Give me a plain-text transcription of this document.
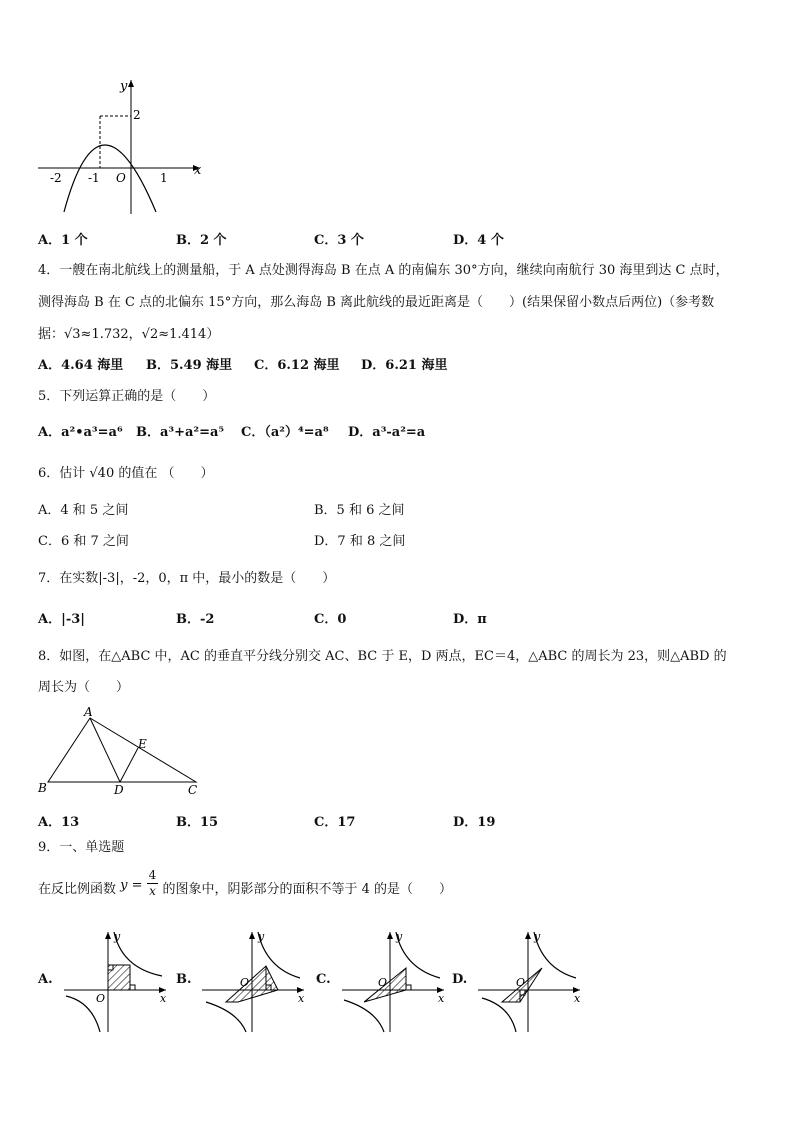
y
x
2
-2 -1 O	1
A．1 个	B．2 个	C．3 个	D．4 个
4．一艘在南北航线上的测量船，于 A 点处测得海岛 B 在点 A 的南偏东 30°方向，继续向南航行 30 海里到达 C 点时，
测得海岛 B 在 C 点的北偏东 15°方向，那么海岛 B 离此航线的最近距离是（　　）(结果保留小数点后两位)（参考数
据：√3≈1.732，√2≈1.414）
A．4.64 海里 B．5.49 海里 C．6.12 海里 D．6.21 海里
5．下列运算正确的是（　　）
A．a²•a³=a⁶ B．a³+a²=a⁵ C．（a²）⁴=a⁸ D．a³-a²=a
6．估计 √40 的值在 （　　）
A．4 和 5 之间	B．5 和 6 之间
C．6 和 7 之间	D．7 和 8 之间
7．在实数|-3|，-2，0，π 中，最小的数是（　　）
A．|-3|	B．-2	C．0	D．π
8．如图，在△ABC 中，AC 的垂直平分线分别交 AC、BC 于 E，D 两点，EC＝4，△ABC 的周长为 23，则△ABD 的
周长为（　　）
A
B	C
D
E
A．13	B．15	C．17	D．19
9．一、单选题
在反比例函数 $y = \frac{4}{x}$ 的图象中，阴影部分的面积不等于 4 的是（　　）
A.	B.	C.	D.
y
x
O
y
x
O
y
x
O
y
x
O
